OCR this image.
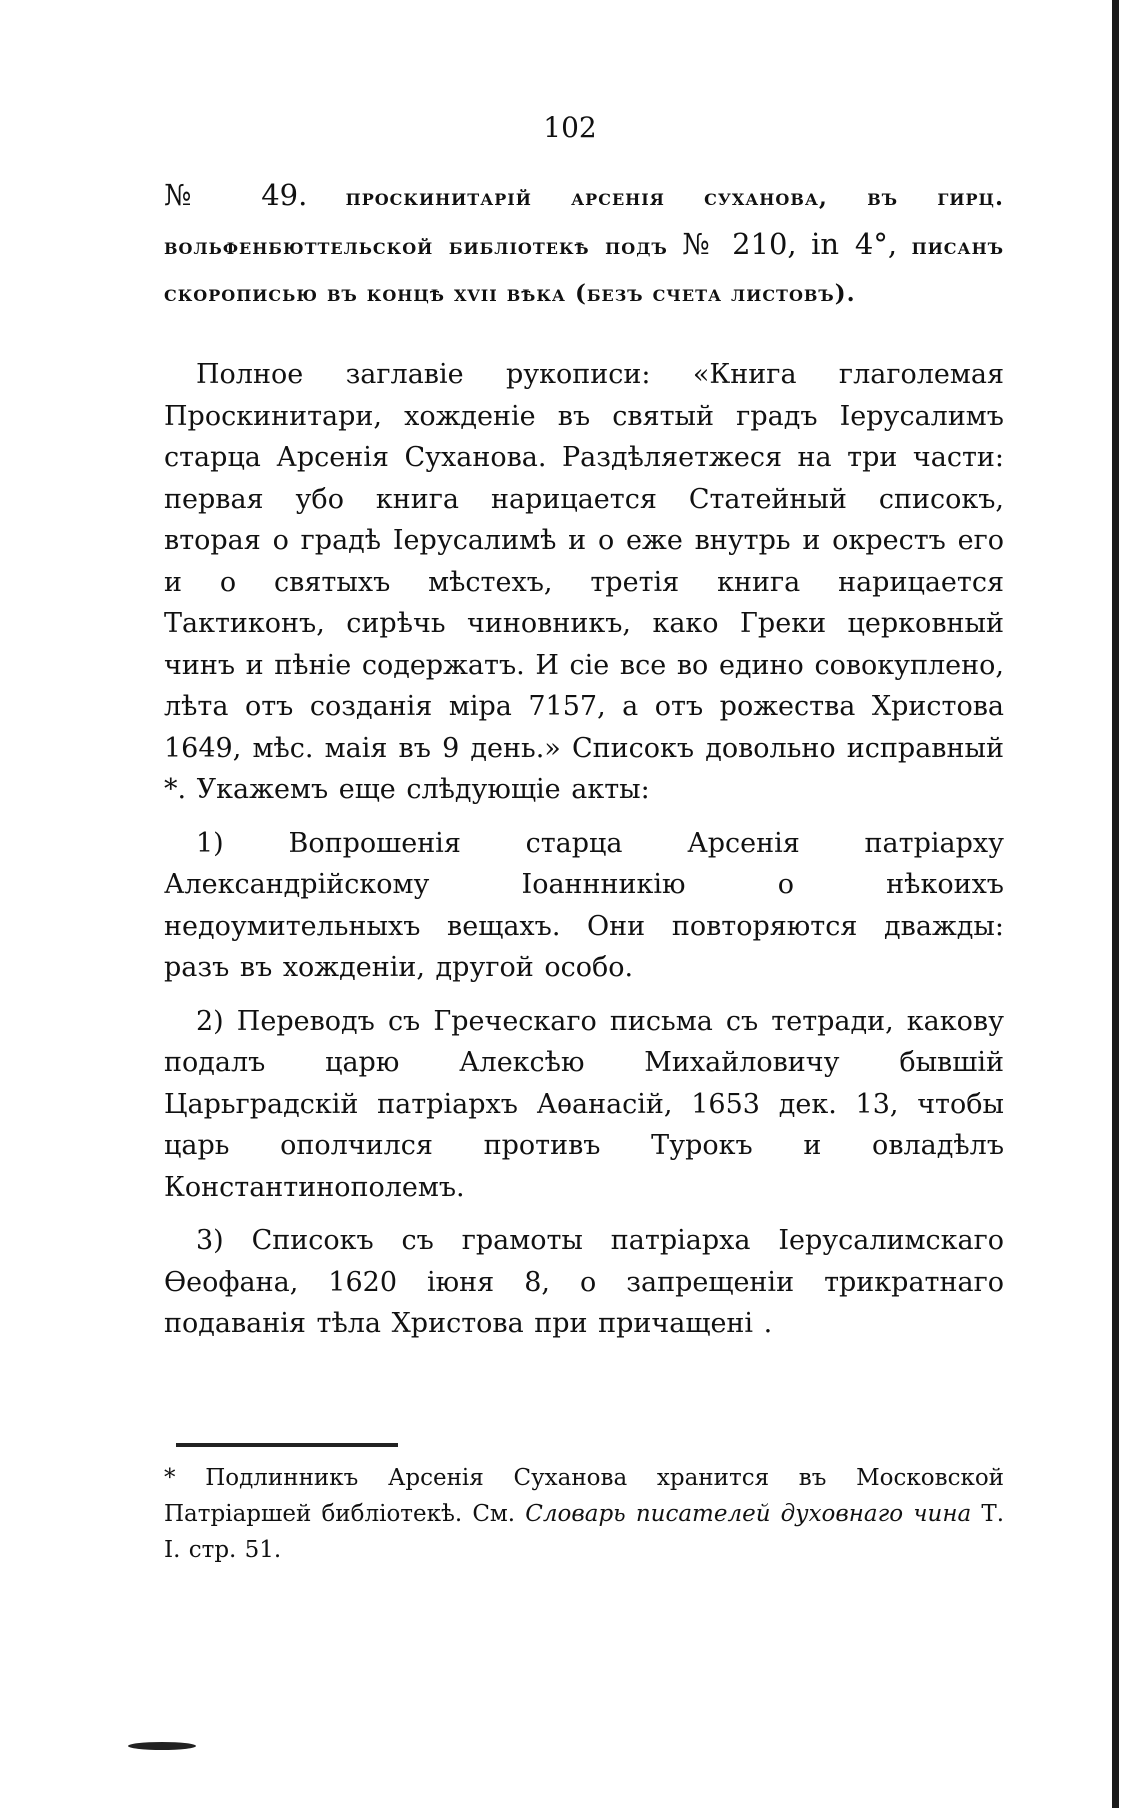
102
№ 49. проскинитарій арсенія суханова, въ гирц. вольфенбюттельской библіотекѣ подъ № 210, in 4°, писанъ скорописью въ концѣ xvii вѣка (безъ счета листовъ).

Полное заглавіе рукописи: «Книга глаголемая Проскинитари, хожденіе въ святый градъ Іерусалимъ старца Арсенія Суханова. Раздѣляетжеся на три части: первая убо книга нарицается Статейный списокъ, вторая о градѣ Іерусалимѣ и о еже внутрь и окрестъ его и о святыхъ мѣстехъ, третія книга нарицается Тактиконъ, сирѣчь чиновникъ, како Греки церковный чинъ и пѣніе содержатъ. И сіе все во едино совокуплено, лѣта отъ созданія міра 7157, а отъ рожества Христова 1649, мѣс. маія въ 9 день.» Списокъ довольно исправный *. Укажемъ еще слѣдующіе акты:

1) Вопрошенія старца Арсенія патріарху Александрійскому Іоаннникію о нѣкоихъ недоумительныхъ вещахъ. Они повторяются дважды: разъ въ хожденіи, другой особо.

2) Переводъ съ Греческаго письма съ тетради, какову подалъ царю Алексѣю Михайловичу бывшій Царьградскій патріархъ Аѳанасій, 1653 дек. 13, чтобы царь ополчился противъ Турокъ и овладѣлъ Константинополемъ.

3) Списокъ съ грамоты патріарха Іерусалимскаго Ѳеофана, 1620 іюня 8, о запрещеніи трикратнаго подаванія тѣла Христова при причащені .

* Подлинникъ Арсенія Суханова хранится въ Московской Патріаршей библіотекѣ. См. Словарь писателей духовнаго чина Т. І. стр. 51.
